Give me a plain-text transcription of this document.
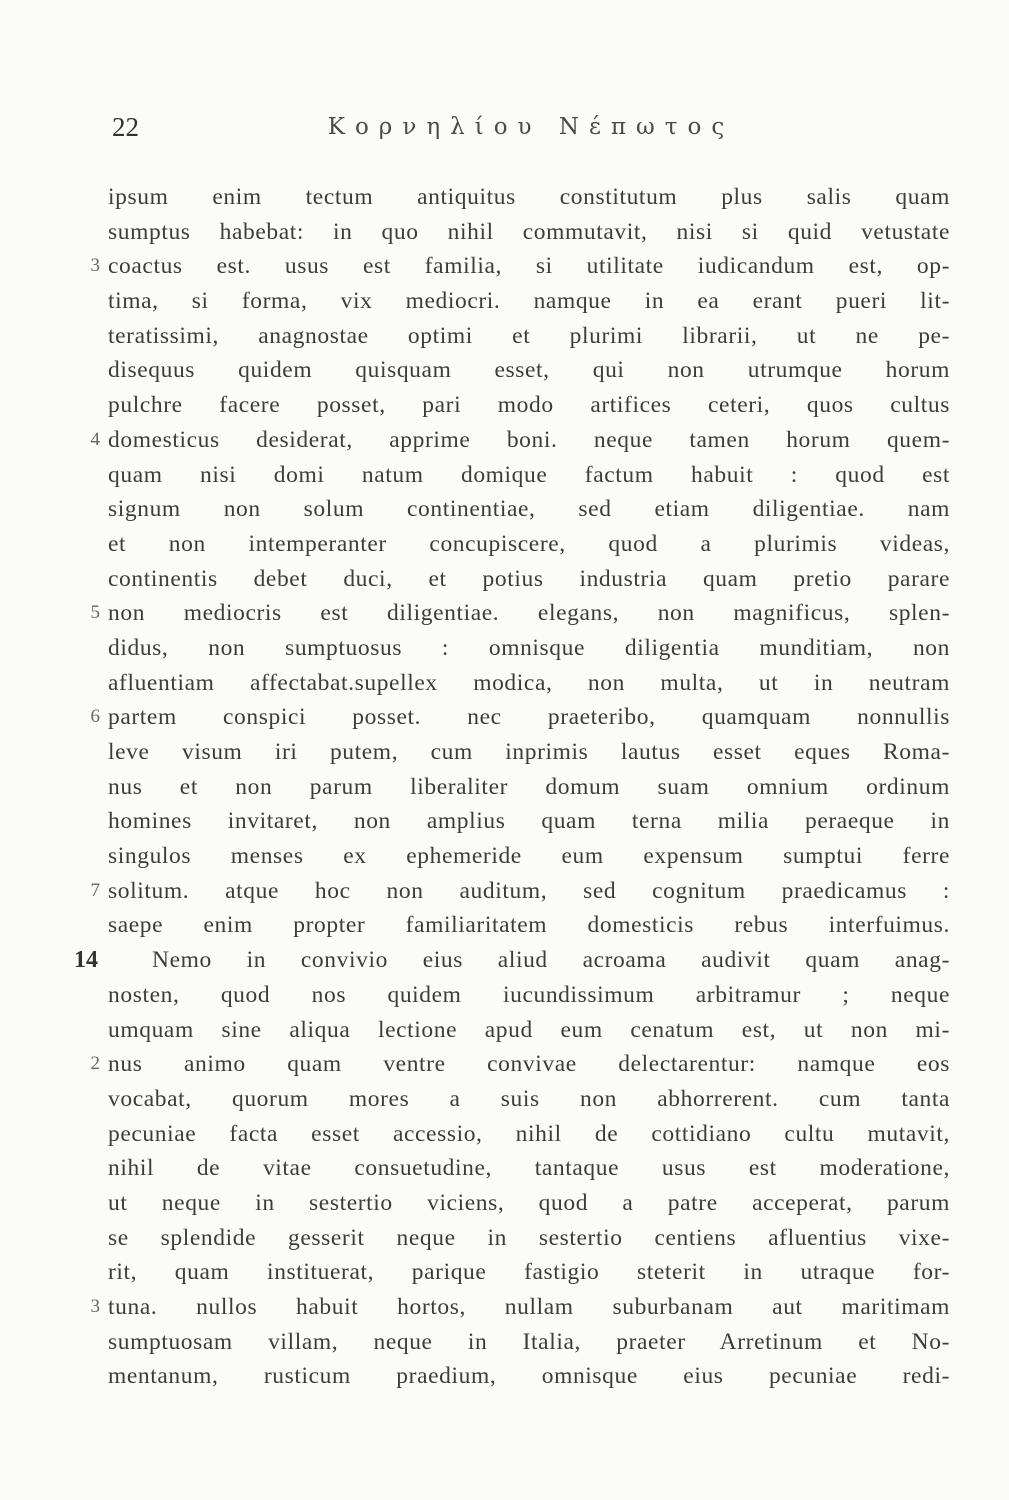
22	Κορνηλίου Νέπωτος
ipsum enim tectum antiquitus constitutum plus salis quam
sumptus habebat: in quo nihil commutavit, nisi si quid vetustate
3 coactus est. usus est familia, si utilitate iudicandum est, op-
tima, si forma, vix mediocri. namque in ea erant pueri lit-
teratissimi, anagnostae optimi et plurimi librarii, ut ne pe-
disequus quidem quisquam esset, qui non utrumque horum
pulchre facere posset, pari modo artifices ceteri, quos cultus
4 domesticus desiderat, apprime boni. neque tamen horum quem-
quam nisi domi natum domique factum habuit : quod est
signum non solum continentiae, sed etiam diligentiae. nam
et non intemperanter concupiscere, quod a plurimis videas,
continentis debet duci, et potius industria quam pretio parare
5 non mediocris est diligentiae. elegans, non magnificus, splen-
didus, non sumptuosus : omnisque diligentia munditiam, non
afluentiam affectabat.supellex modica, non multa, ut in neutram
6 partem conspici posset. nec praeteribo, quamquam nonnullis
leve visum iri putem, cum inprimis lautus esset eques Roma-
nus et non parum liberaliter domum suam omnium ordinum
homines invitaret, non amplius quam terna milia peraeque in
singulos menses ex ephemeride eum expensum sumptui ferre
7 solitum. atque hoc non auditum, sed cognitum praedicamus :
saepe enim propter familiaritatem domesticis rebus interfuimus.
14 Nemo in convivio eius aliud acroama audivit quam anag-
nosten, quod nos quidem iucundissimum arbitramur ; neque
umquam sine aliqua lectione apud eum cenatum est, ut non mi-
2 nus animo quam ventre convivae delectarentur: namque eos
vocabat, quorum mores a suis non abhorrerent. cum tanta
pecuniae facta esset accessio, nihil de cottidiano cultu mutavit,
nihil de vitae consuetudine, tantaque usus est moderatione,
ut neque in sestertio viciens, quod a patre acceperat, parum
se splendide gesserit neque in sestertio centiens afluentius vixe-
rit, quam instituerat, parique fastigio steterit in utraque for-
3 tuna. nullos habuit hortos, nullam suburbanam aut maritimam
sumptuosam villam, neque in Italia, praeter Arretinum et No-
mentanum, rusticum praedium, omnisque eius pecuniae redi-
